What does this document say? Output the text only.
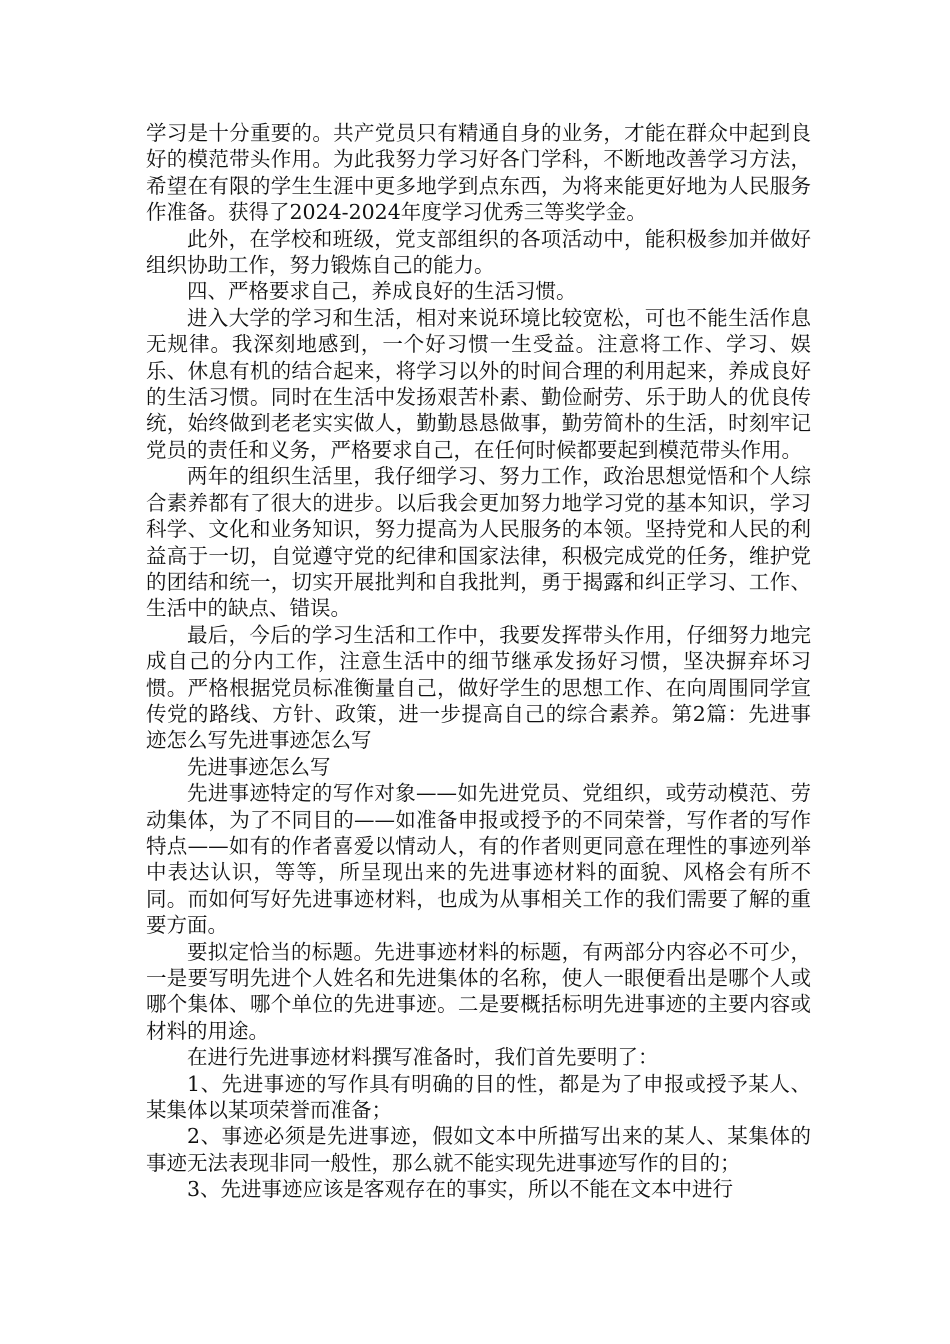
学习是十分重要的。共产党员只有精通自身的业务，才能在群众中起到良好的模范带头作用。为此我努力学习好各门学科，不断地改善学习方法，希望在有限的学生生涯中更多地学到点东西，为将来能更好地为人民服务作准备。获得了2024-2024年度学习优秀三等奖学金。

此外，在学校和班级，党支部组织的各项活动中，能积极参加并做好组织协助工作，努力锻炼自己的能力。

四、严格要求自己，养成良好的生活习惯。

进入大学的学习和生活，相对来说环境比较宽松，可也不能生活作息无规律。我深刻地感到，一个好习惯一生受益。注意将工作、学习、娱乐、休息有机的结合起来，将学习以外的时间合理的利用起来，养成良好的生活习惯。同时在生活中发扬艰苦朴素、勤俭耐劳、乐于助人的优良传统，始终做到老老实实做人，勤勤恳恳做事，勤劳简朴的生活，时刻牢记党员的责任和义务，严格要求自己，在任何时候都要起到模范带头作用。

两年的组织生活里，我仔细学习、努力工作，政治思想觉悟和个人综合素养都有了很大的进步。以后我会更加努力地学习党的基本知识，学习科学、文化和业务知识，努力提高为人民服务的本领。坚持党和人民的利益高于一切，自觉遵守党的纪律和国家法律，积极完成党的任务，维护党的团结和统一，切实开展批判和自我批判，勇于揭露和纠正学习、工作、生活中的缺点、错误。

最后，今后的学习生活和工作中，我要发挥带头作用，仔细努力地完成自己的分内工作，注意生活中的细节继承发扬好习惯，坚决摒弃坏习惯。严格根据党员标准衡量自己，做好学生的思想工作、在向周围同学宣传党的路线、方针、政策，进一步提高自己的综合素养。第2篇：先进事迹怎么写先进事迹怎么写

先进事迹怎么写

先进事迹特定的写作对象——如先进党员、党组织，或劳动模范、劳动集体，为了不同目的——如准备申报或授予的不同荣誉，写作者的写作特点——如有的作者喜爱以情动人，有的作者则更同意在理性的事迹列举中表达认识，等等，所呈现出来的先进事迹材料的面貌、风格会有所不同。而如何写好先进事迹材料，也成为从事相关工作的我们需要了解的重要方面。

要拟定恰当的标题。先进事迹材料的标题，有两部分内容必不可少，一是要写明先进个人姓名和先进集体的名称，使人一眼便看出是哪个人或哪个集体、哪个单位的先进事迹。二是要概括标明先进事迹的主要内容或材料的用途。

在进行先进事迹材料撰写准备时，我们首先要明了：

1、先进事迹的写作具有明确的目的性，都是为了申报或授予某人、某集体以某项荣誉而准备；

2、事迹必须是先进事迹，假如文本中所描写出来的某人、某集体的事迹无法表现非同一般性，那么就不能实现先进事迹写作的目的；

3、先进事迹应该是客观存在的事实，所以不能在文本中进行
